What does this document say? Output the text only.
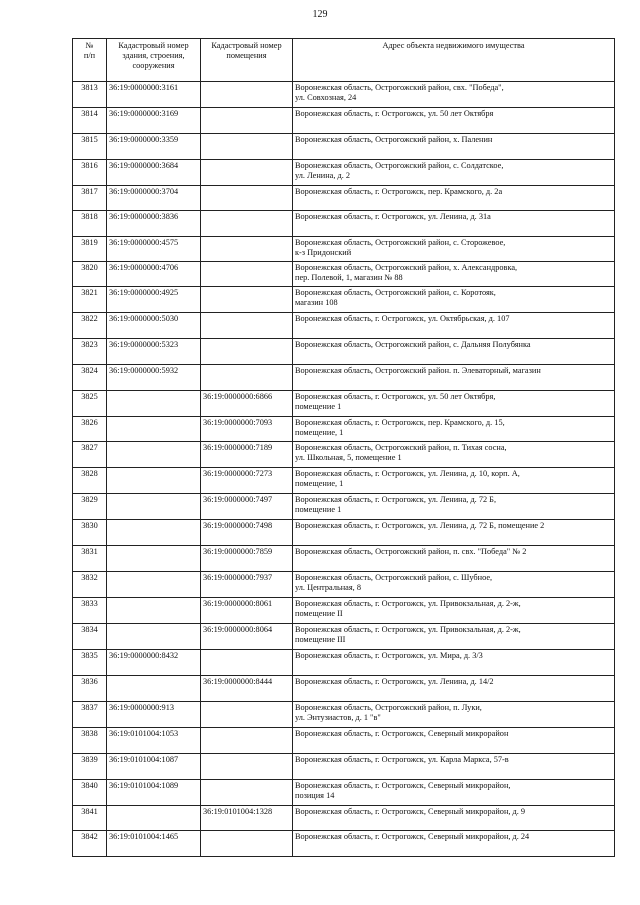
129
№
п/п	Кадастровый номер здания, строения, сооружения	Кадастровый номер помещения	Адрес объекта недвижимого имущества
3813	36:19:0000000:3161		Воронежская область, Острогожский район, свх. "Победа",
ул. Совхозная, 24
3814	36:19:0000000:3169		Воронежская область, г. Острогожск, ул. 50 лет Октября
3815	36:19:0000000:3359		Воронежская область, Острогожский район, х. Паленин
3816	36:19:0000000:3684		Воронежская область, Острогожский район, с. Солдатское,
ул. Ленина, д. 2
3817	36:19:0000000:3704		Воронежская область, г. Острогожск, пер. Крамского, д. 2а
3818	36:19:0000000:3836		Воронежская область, г. Острогожск, ул. Ленина, д. 31а
3819	36:19:0000000:4575		Воронежская область, Острогожский район, с. Сторожевое,
к-з Придонский
3820	36:19:0000000:4706		Воронежская область, Острогожский район, х. Александровка,
пер. Полевой, 1, магазин № 88
3821	36:19:0000000:4925		Воронежская область, Острогожский район, с. Коротояк,
магазин 108
3822	36:19:0000000:5030		Воронежская область, г. Острогожск, ул. Октябрьская, д. 107
3823	36:19:0000000:5323		Воронежская область, Острогожский район, с. Дальняя Полубянка
3824	36:19:0000000:5932		Воронежская область, Острогожский район. п. Элеваторный, магазин
3825		36:19:0000000:6866	Воронежская область, г. Острогожск, ул. 50 лет Октября,
помещение 1
3826		36:19:0000000:7093	Воронежская область, г. Острогожск, пер. Крамского, д. 15,
помещение, 1
3827		36:19:0000000:7189	Воронежская область, Острогожский район, п. Тихая сосна,
ул. Школьная, 5, помещение 1
3828		36:19:0000000:7273	Воронежская область, г. Острогожск, ул. Ленина, д. 10, корп. А,
помещение, 1
3829		36:19:0000000:7497	Воронежская область, г. Острогожск, ул. Ленина, д. 72 Б,
помещение 1
3830		36:19:0000000:7498	Воронежская область, г. Острогожск, ул. Ленина, д. 72 Б, помещение 2
3831		36:19:0000000:7859	Воронежская область, Острогожский район, п. свх. "Победа" № 2
3832		36:19:0000000:7937	Воронежская область, Острогожский район, с. Шубное,
ул. Центральная, 8
3833		36:19:0000000:8061	Воронежская область, г. Острогожск, ул. Привокзальная, д. 2-ж,
помещение II
3834		36:19:0000000:8064	Воронежская область, г. Острогожск, ул. Привокзальная, д. 2-ж,
помещение III
3835	36:19:0000000:8432		Воронежская область, г. Острогожск, ул. Мира, д. 3/3
3836		36:19:0000000:8444	Воронежская область, г. Острогожск, ул. Ленина, д. 14/2
3837	36:19:0000000:913		Воронежская область, Острогожский район, п. Луки,
ул. Энтузиастов, д. 1 "в"
3838	36:19:0101004:1053		Воронежская область, г. Острогожск, Северный микрорайон
3839	36:19:0101004:1087		Воронежская область, г. Острогожск, ул. Карла Маркса, 57-в
3840	36:19:0101004:1089		Воронежская область, г. Острогожск, Северный микрорайон,
позиция 14
3841		36:19:0101004:1328	Воронежская область, г. Острогожск, Северный микрорайон, д. 9
3842	36:19:0101004:1465		Воронежская область, г. Острогожск, Северный микрорайон, д. 24
